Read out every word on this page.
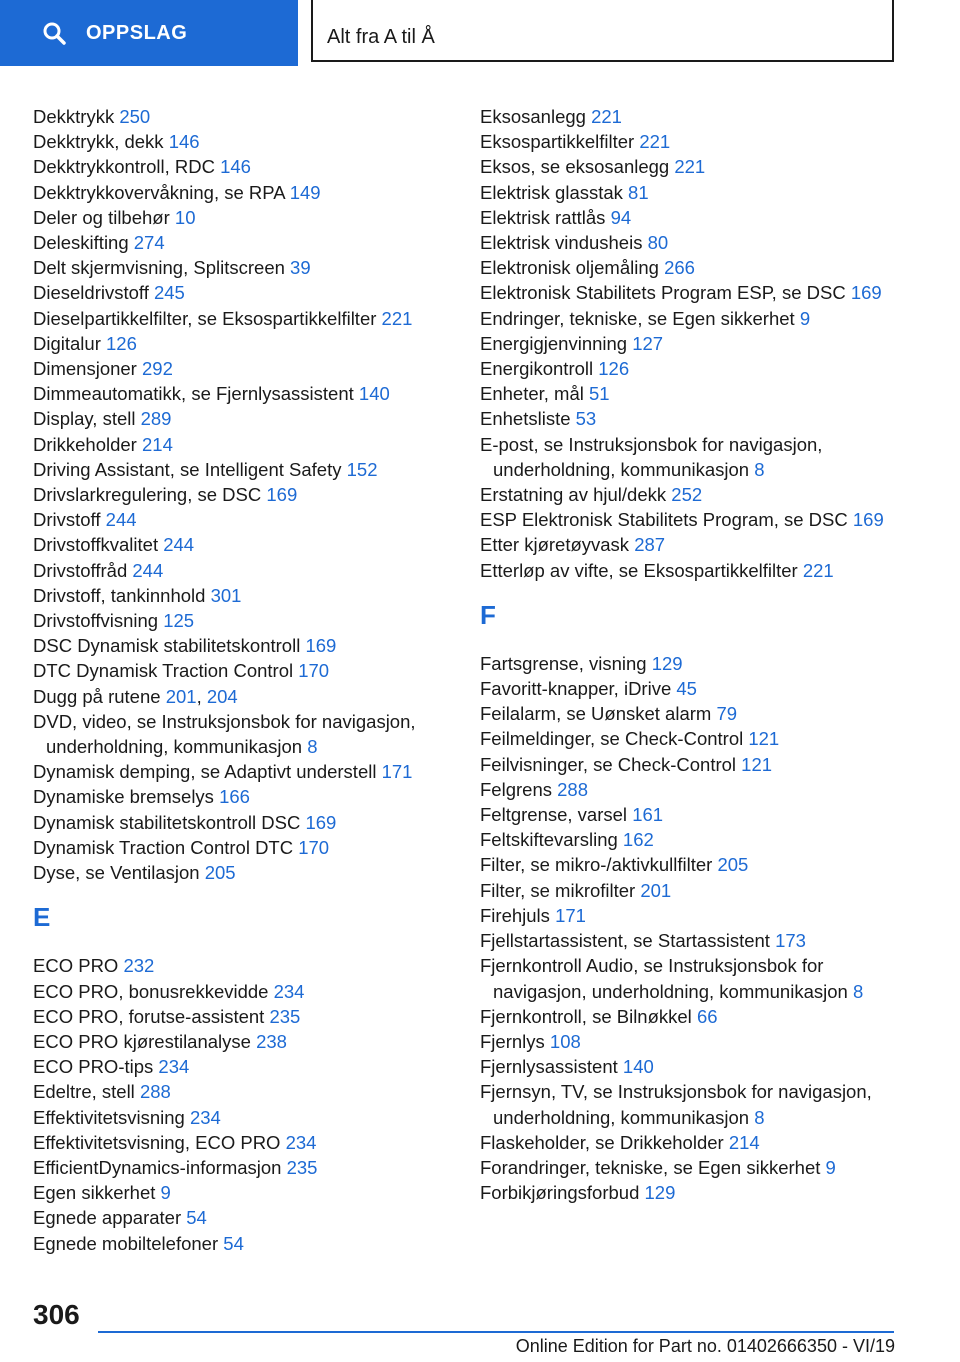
OPPSLAG	Alt fra A til Å
Dekktrykk 250
Dekktrykk, dekk 146
Dekktrykkontroll, RDC 146
Dekktrykkovervåkning, se RPA 149
Deler og tilbehør 10
Deleskifting 274
Delt skjermvisning, Splitscreen 39
Dieseldrivstoff 245
Dieselpartikkelfilter, se Eksospartikkelfilter 221
Digitalur 126
Dimensjoner 292
Dimmeautomatikk, se Fjernlysassistent 140
Display, stell 289
Drikkeholder 214
Driving Assistant, se Intelligent Safety 152
Drivslarkregulering, se DSC 169
Drivstoff 244
Drivstoffkvalitet 244
Drivstoffråd 244
Drivstoff, tankinnhold 301
Drivstoffvisning 125
DSC Dynamisk stabilitetskontroll 169
DTC Dynamisk Traction Control 170
Dugg på rutene 201, 204
DVD, video, se Instruksjonsbok for navigasjon, underholdning, kommunikasjon 8
Dynamisk demping, se Adaptivt understell 171
Dynamiske bremselys 166
Dynamisk stabilitetskontroll DSC 169
Dynamisk Traction Control DTC 170
Dyse, se Ventilasjon 205
E
ECO PRO 232
ECO PRO, bonusrekkevidde 234
ECO PRO, forutse-assistent 235
ECO PRO kjørestilanalyse 238
ECO PRO-tips 234
Edeltre, stell 288
Effektivitetsvisning 234
Effektivitetsvisning, ECO PRO 234
EfficientDynamics-informasjon 235
Egen sikkerhet 9
Egnede apparater 54
Egnede mobiltelefoner 54
Eksosanlegg 221
Eksospartikkelfilter 221
Eksos, se eksosanlegg 221
Elektrisk glasstak 81
Elektrisk rattlås 94
Elektrisk vindusheis 80
Elektronisk oljemåling 266
Elektronisk Stabilitets Program ESP, se DSC 169
Endringer, tekniske, se Egen sikkerhet 9
Energigjenvinning 127
Energikontroll 126
Enheter, mål 51
Enhetsliste 53
E-post, se Instruksjonsbok for navigasjon, underholdning, kommunikasjon 8
Erstatning av hjul/dekk 252
ESP Elektronisk Stabilitets Program, se DSC 169
Etter kjøretøyvask 287
Etterløp av vifte, se Eksospartikkelfilter 221
F
Fartsgrense, visning 129
Favoritt-knapper, iDrive 45
Feilalarm, se Uønsket alarm 79
Feilmeldinger, se Check-Control 121
Feilvisninger, se Check-Control 121
Felgrens 288
Feltgrense, varsel 161
Feltskiftevarsling 162
Filter, se mikro-/aktivkullfilter 205
Filter, se mikrofilter 201
Firehjuls 171
Fjellstartassistent, se Startassistent 173
Fjernkontroll Audio, se Instruksjonsbok for navigasjon, underholdning, kommunikasjon 8
Fjernkontroll, se Bilnøkkel 66
Fjernlys 108
Fjernlysassistent 140
Fjernsyn, TV, se Instruksjonsbok for navigasjon, underholdning, kommunikasjon 8
Flaskeholder, se Drikkeholder 214
Forandringer, tekniske, se Egen sikkerhet 9
Forbikjøringsforbud 129
306
Online Edition for Part no. 01402666350 - VI/19
